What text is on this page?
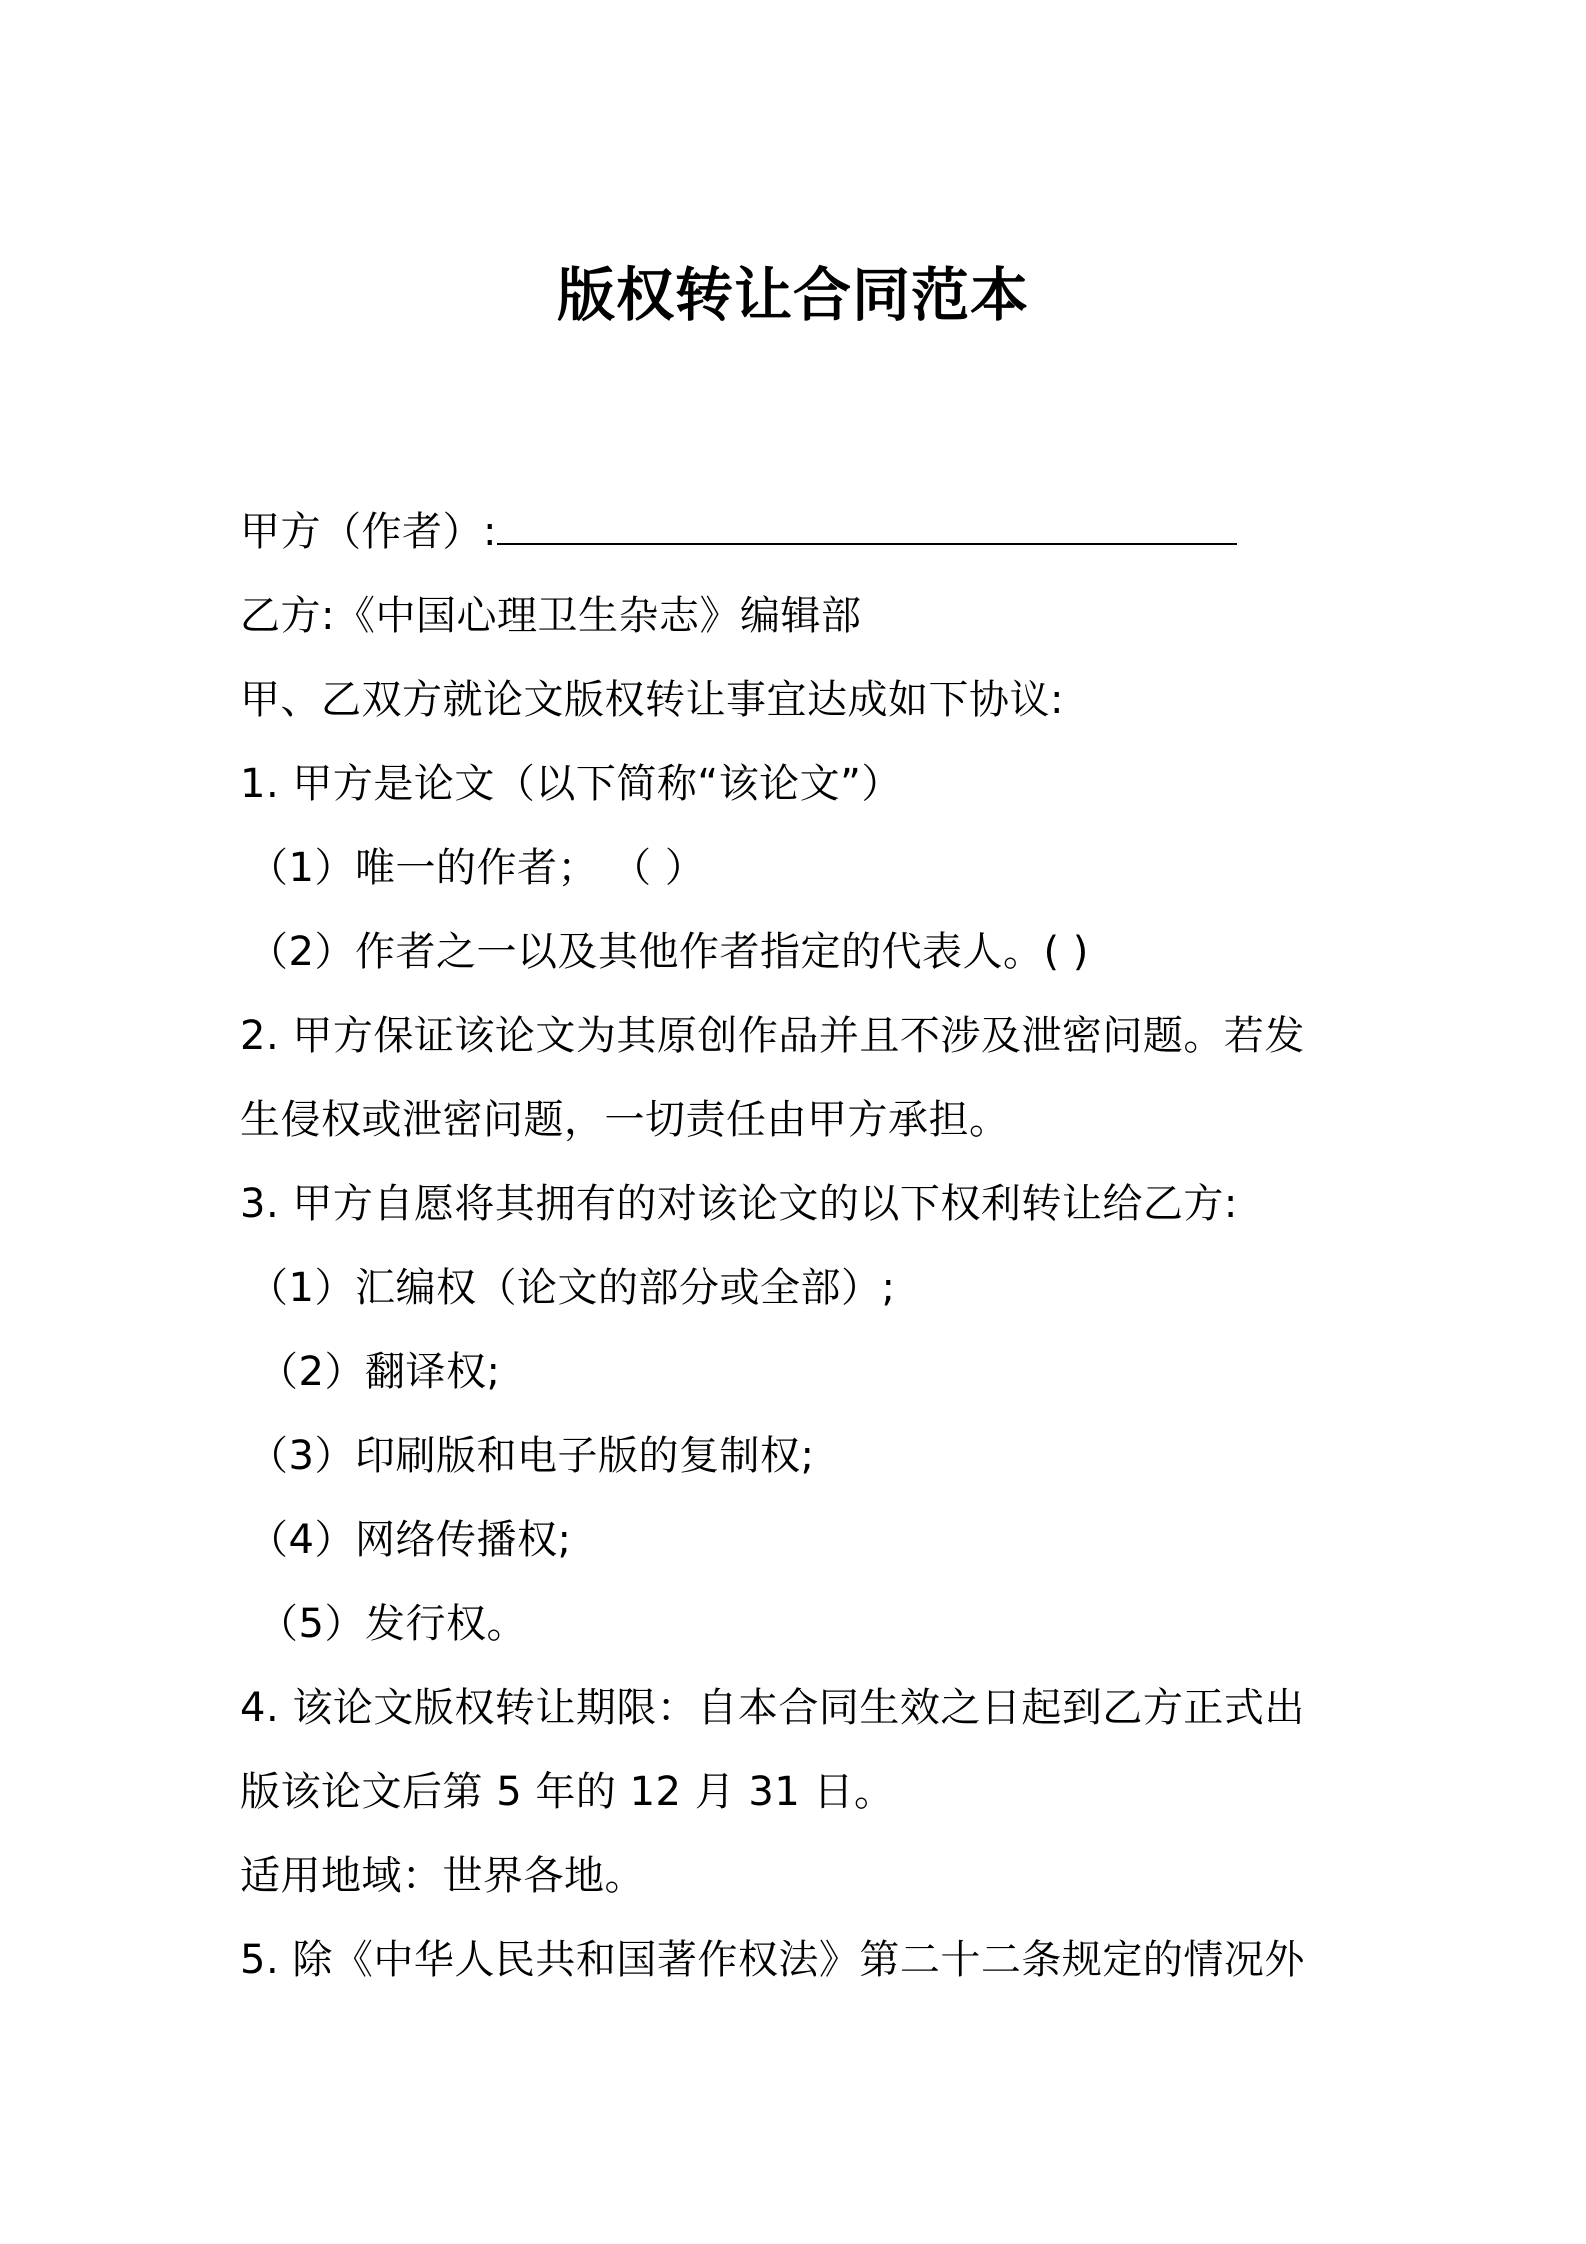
版权转让合同范本
甲方（作者）:
乙方:《中国心理卫生杂志》编辑部
甲、乙双方就论文版权转让事宜达成如下协议:
1. 甲方是论文（以下简称“该论文”）
（1）唯一的作者； （ ）
（2）作者之一以及其他作者指定的代表人。( )
2. 甲方保证该论文为其原创作品并且不涉及泄密问题。若发
生侵权或泄密问题，一切责任由甲方承担。
3. 甲方自愿将其拥有的对该论文的以下权利转让给乙方:
（1）汇编权（论文的部分或全部）;
（2）翻译权;
（3）印刷版和电子版的复制权;
（4）网络传播权;
（5）发行权。
4. 该论文版权转让期限：自本合同生效之日起到乙方正式出
版该论文后第 5 年的 12 月 31 日。
适用地域：世界各地。
5. 除《中华人民共和国著作权法》第二十二条规定的情况外
